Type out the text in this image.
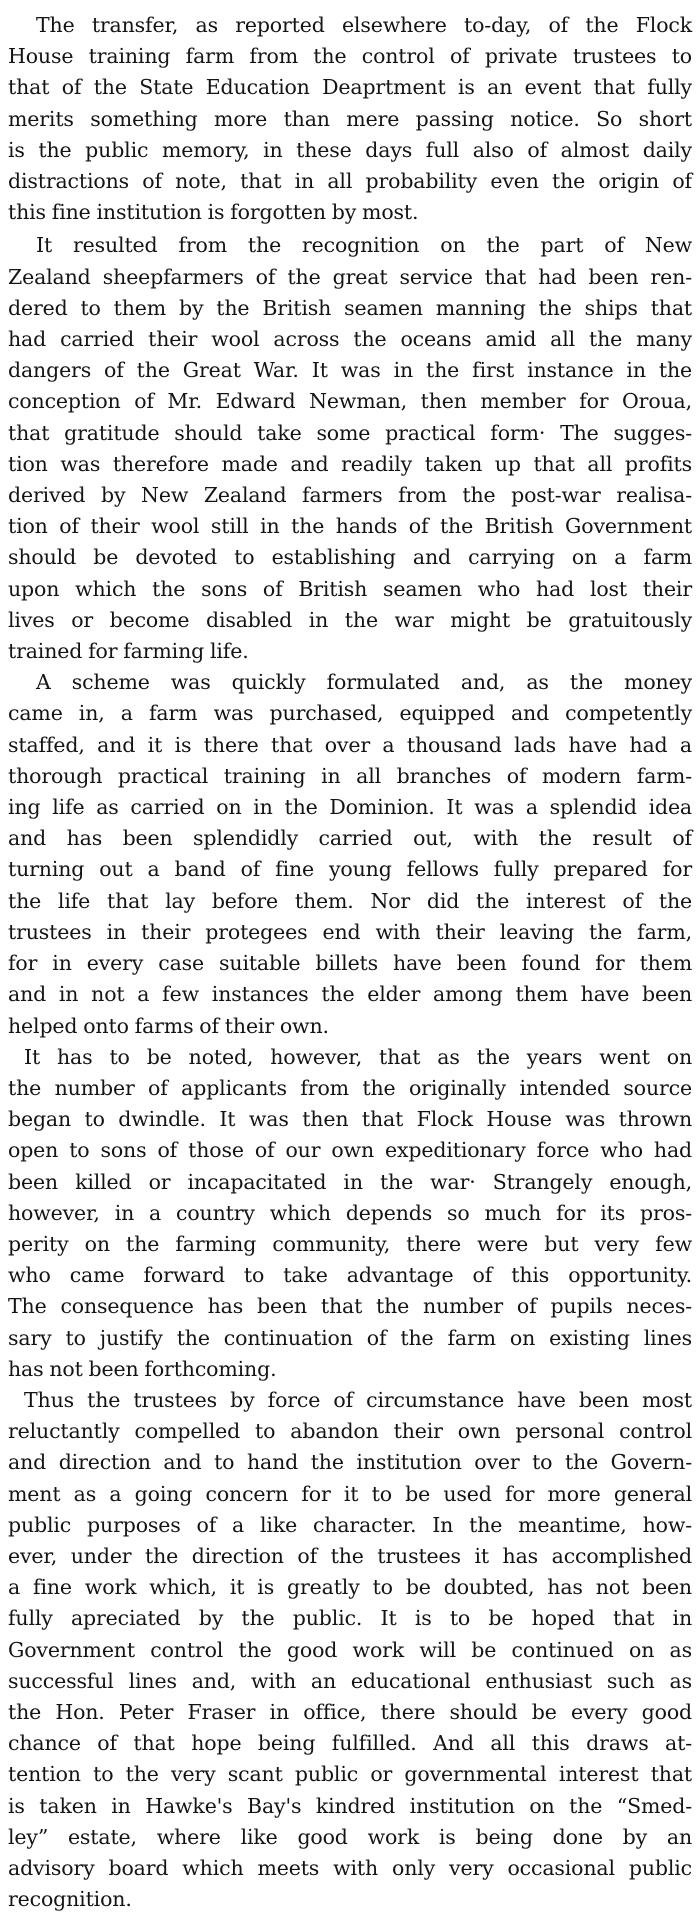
The transfer, as reported elsewhere to-day, of the Flock
House training farm from the control of private trustees to
that of the State Education Deaprtment is an event that fully
merits something more than mere passing notice. So short
is the public memory, in these days full also of almost daily
distractions of note, that in all probability even the origin of
this fine institution is forgotten by most.

It resulted from the recognition on the part of New
Zealand sheepfarmers of the great service that had been ren-
dered to them by the British seamen manning the ships that
had carried their wool across the oceans amid all the many
dangers of the Great War. It was in the first instance in the
conception of Mr. Edward Newman, then member for Oroua,
that gratitude should take some practical form· The sugges-
tion was therefore made and readily taken up that all profits
derived by New Zealand farmers from the post-war realisa-
tion of their wool still in the hands of the British Government
should be devoted to establishing and carrying on a farm
upon which the sons of British seamen who had lost their
lives or become disabled in the war might be gratuitously
trained for farming life.

A scheme was quickly formulated and, as the money
came in, a farm was purchased, equipped and competently
staffed, and it is there that over a thousand lads have had a
thorough practical training in all branches of modern farm-
ing life as carried on in the Dominion. It was a splendid idea
and has been splendidly carried out, with the result of
turning out a band of fine young fellows fully prepared for
the life that lay before them. Nor did the interest of the
trustees in their protegees end with their leaving the farm,
for in every case suitable billets have been found for them
and in not a few instances the elder among them have been
helped onto farms of their own.

It has to be noted, however, that as the years went on
the number of applicants from the originally intended source
began to dwindle. It was then that Flock House was thrown
open to sons of those of our own expeditionary force who had
been killed or incapacitated in the war· Strangely enough,
however, in a country which depends so much for its pros-
perity on the farming community, there were but very few
who came forward to take advantage of this opportunity.
The consequence has been that the number of pupils neces-
sary to justify the continuation of the farm on existing lines
has not been forthcoming.

Thus the trustees by force of circumstance have been most
reluctantly compelled to abandon their own personal control
and direction and to hand the institution over to the Govern-
ment as a going concern for it to be used for more general
public purposes of a like character. In the meantime, how-
ever, under the direction of the trustees it has accomplished
a fine work which, it is greatly to be doubted, has not been
fully apreciated by the public. It is to be hoped that in
Government control the good work will be continued on as
successful lines and, with an educational enthusiast such as
the Hon. Peter Fraser in office, there should be every good
chance of that hope being fulfilled. And all this draws at-
tention to the very scant public or governmental interest that
is taken in Hawke's Bay's kindred institution on the “Smed-
ley” estate, where like good work is being done by an
advisory board which meets with only very occasional public
recognition.
